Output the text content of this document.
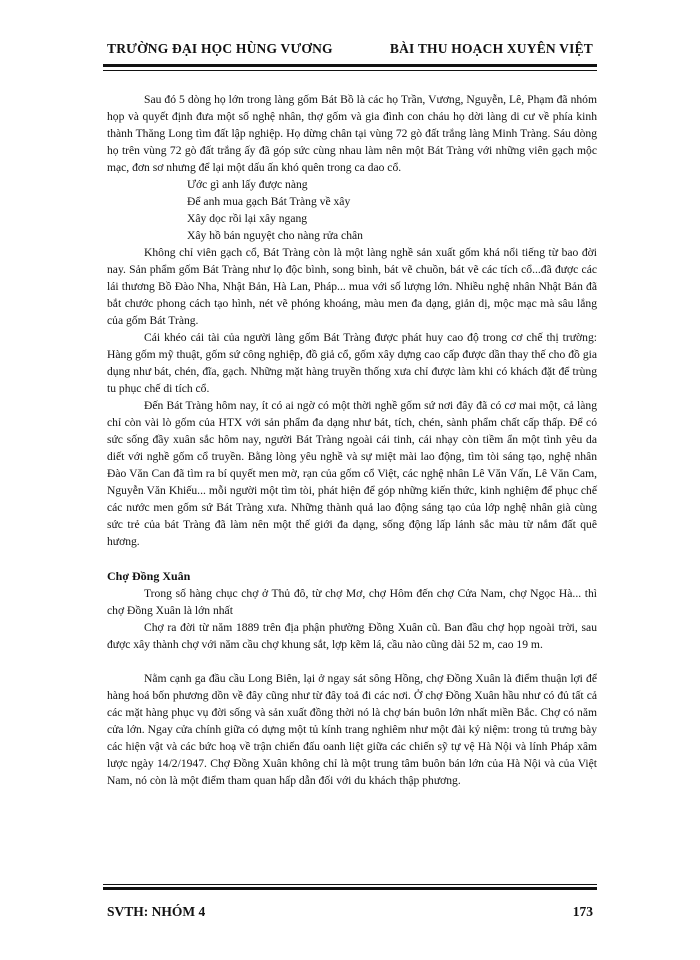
TRƯỜNG ĐẠI HỌC HÙNG VƯƠNG	BÀI THU HOẠCH XUYÊN VIỆT

Sau đó 5 dòng họ lớn trong làng gốm Bát Bồ là các họ Trần, Vương, Nguyễn, Lê, Phạm đã nhóm họp và quyết định đưa một số nghệ nhân, thợ gốm và gia đình con cháu họ dời làng di cư về phía kinh thành Thăng Long tìm đất lập nghiệp. Họ dừng chân tại vùng 72 gò đất trắng làng Minh Tràng. Sáu dòng họ trên vùng 72 gò đất trắng ấy đã góp sức cùng nhau làm nên một Bát Tràng với những viên gạch mộc mạc, đơn sơ nhưng để lại một dấu ấn khó quên trong ca dao cổ.

Ước gì anh lấy được nàng
Để anh mua gạch Bát Tràng về xây
Xây dọc rồi lại xây ngang
Xây hồ bán nguyệt cho nàng rửa chân

Không chỉ viên gạch cổ, Bát Tràng còn là một làng nghề sản xuất gốm khá nổi tiếng từ bao đời nay. Sản phẩm gốm Bát Tràng như lọ độc bình, song bình, bát vẽ chuồn, bát vẽ các tích cổ...đã được các lái thương Bồ Đào Nha, Nhật Bản, Hà Lan, Pháp... mua với số lượng lớn. Nhiều nghệ nhân Nhật Bản đã bắt chước phong cách tạo hình, nét vẽ phóng khoáng, màu men đa dạng, giản dị, mộc mạc mà sâu lắng của gốm Bát Tràng.

Cái khéo cái tài của người làng gốm Bát Tràng được phát huy cao độ trong cơ chế thị trường: Hàng gốm mỹ thuật, gốm sứ công nghiệp, đồ giả cổ, gốm xây dựng cao cấp được dần thay thế cho đồ gia dụng như bát, chén, đĩa, gạch. Những mặt hàng truyền thống xưa chỉ được làm khi có khách đặt để trùng tu phục chế di tích cổ.

Đến Bát Tràng hôm nay, ít có ai ngờ có một thời nghề gốm sứ nơi đây đã có cơ mai một, cả làng chỉ còn vài lò gốm của HTX với sản phẩm đa dạng như bát, tích, chén, sành phẩm chất cấp thấp. Để có sức sống đầy xuân sắc hôm nay, người Bát Tràng ngoài cái tinh, cái nhạy còn tiềm ẩn một tình yêu da diết với nghề gốm cổ truyền. Bằng lòng yêu nghề và sự miệt mài lao động, tìm tòi sáng tạo, nghệ nhân Đào Văn Can đã tìm ra bí quyết men mờ, rạn của gốm cổ Việt, các nghệ nhân Lê Văn Vấn, Lê Văn Cam, Nguyễn Văn Khiếu... mỗi người một tìm tòi, phát hiện để góp những kiến thức, kinh nghiệm để phục chế các nước men gốm sứ Bát Tràng xưa. Những thành quả lao động sáng tạo của lớp nghệ nhân già cùng sức trẻ của bát Tràng đã làm nên một thế giới đa dạng, sống động lấp lánh sắc màu từ nắm đất quê hương.

Chợ Đồng Xuân

Trong số hàng chục chợ ở Thủ đô, từ chợ Mơ, chợ Hôm đến chợ Cửa Nam, chợ Ngọc Hà... thì chợ Đồng Xuân là lớn nhất

Chợ ra đời từ năm 1889 trên địa phận phường Đồng Xuân cũ. Ban đầu chợ họp ngoài trời, sau được xây thành chợ với năm cầu chợ khung sắt, lợp kẽm lá, cầu nào cũng dài 52 m, cao 19 m.

Nằm cạnh ga đầu cầu Long Biên, lại ở ngay sát sông Hồng, chợ Đồng Xuân là điểm thuận lợi để hàng hoá bốn phương dồn về đây cũng như từ đây toả đi các nơi. Ở chợ Đồng Xuân hầu như có đủ tất cả các mặt hàng phục vụ đời sống và sản xuất đồng thời nó là chợ bán buôn lớn nhất miền Bắc. Chợ có năm cửa lớn. Ngay cửa chính giữa có dựng một tủ kính trang nghiêm như một đài kỷ niệm: trong tủ trưng bày các hiện vật và các bức hoạ về trận chiến đấu oanh liệt giữa các chiến sỹ tự vệ Hà Nội và lính Pháp xâm lược ngày 14/2/1947. Chợ Đồng Xuân không chỉ là một trung tâm buôn bán lớn của Hà Nội và của Việt Nam, nó còn là một điểm tham quan hấp dẫn đối với du khách thập phương.

SVTH: NHÓM 4	173
